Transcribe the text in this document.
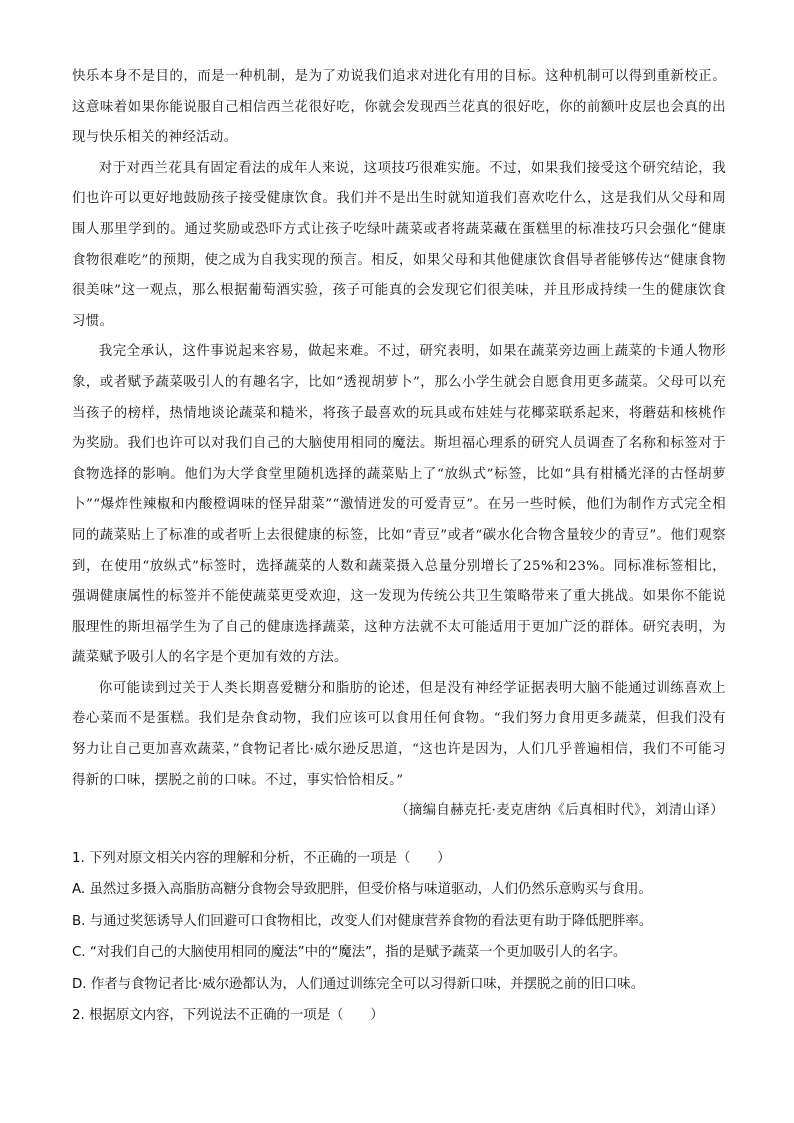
快乐本身不是目的，而是一种机制，是为了劝说我们追求对进化有用的目标。这种机制可以得到重新校正。这意味着如果你能说服自己相信西兰花很好吃，你就会发现西兰花真的很好吃，你的前额叶皮层也会真的出现与快乐相关的神经活动。

对于对西兰花具有固定看法的成年人来说，这项技巧很难实施。不过，如果我们接受这个研究结论，我们也许可以更好地鼓励孩子接受健康饮食。我们并不是出生时就知道我们喜欢吃什么，这是我们从父母和周围人那里学到的。通过奖励或恐吓方式让孩子吃绿叶蔬菜或者将蔬菜藏在蛋糕里的标准技巧只会强化“健康食物很难吃”的预期，使之成为自我实现的预言。相反，如果父母和其他健康饮食倡导者能够传达“健康食物很美味”这一观点，那么根据葡萄酒实验，孩子可能真的会发现它们很美味，并且形成持续一生的健康饮食习惯。

我完全承认，这件事说起来容易，做起来难。不过，研究表明，如果在蔬菜旁边画上蔬菜的卡通人物形象，或者赋予蔬菜吸引人的有趣名字，比如“透视胡萝卜”，那么小学生就会自愿食用更多蔬菜。父母可以充当孩子的榜样，热情地谈论蔬菜和糙米，将孩子最喜欢的玩具或布娃娃与花椰菜联系起来，将蘑菇和核桃作为奖励。我们也许可以对我们自己的大脑使用相同的魔法。斯坦福心理系的研究人员调查了名称和标签对于食物选择的影响。他们为大学食堂里随机选择的蔬菜贴上了“放纵式”标签，比如“具有柑橘光泽的古怪胡萝卜”“爆炸性辣椒和内酸橙调味的怪异甜菜”“激情迸发的可爱青豆”。在另一些时候，他们为制作方式完全相同的蔬菜贴上了标准的或者听上去很健康的标签，比如“青豆”或者“碳水化合物含量较少的青豆”。他们观察到，在使用“放纵式”标签时，选择蔬菜的人数和蔬菜摄入总量分别增长了25%和23%。同标准标签相比，强调健康属性的标签并不能使蔬菜更受欢迎，这一发现为传统公共卫生策略带来了重大挑战。如果你不能说服理性的斯坦福学生为了自己的健康选择蔬菜，这种方法就不太可能适用于更加广泛的群体。研究表明，为蔬菜赋予吸引人的名字是个更加有效的方法。

你可能读到过关于人类长期喜爱糖分和脂肪的论述，但是没有神经学证据表明大脑不能通过训练喜欢上卷心菜而不是蛋糕。我们是杂食动物，我们应该可以食用任何食物。“我们努力食用更多蔬菜，但我们没有努力让自己更加喜欢蔬菜，”食物记者比·威尔逊反思道，“这也许是因为，人们几乎普遍相信，我们不可能习得新的口味，摆脱之前的口味。不过，事实恰恰相反。”

（摘编自赫克托·麦克唐纳《后真相时代》，刘清山译）

1. 下列对原文相关内容的理解和分析，不正确的一项是（　　）
A. 虽然过多摄入高脂肪高糖分食物会导致肥胖，但受价格与味道驱动，人们仍然乐意购买与食用。
B. 与通过奖惩诱导人们回避可口食物相比，改变人们对健康营养食物的看法更有助于降低肥胖率。
C. “对我们自己的大脑使用相同的魔法”中的“魔法”，指的是赋予蔬菜一个更加吸引人的名字。
D. 作者与食物记者比·威尔逊都认为，人们通过训练完全可以习得新口味，并摆脱之前的旧口味。
2. 根据原文内容，下列说法不正确的一项是（　　）
